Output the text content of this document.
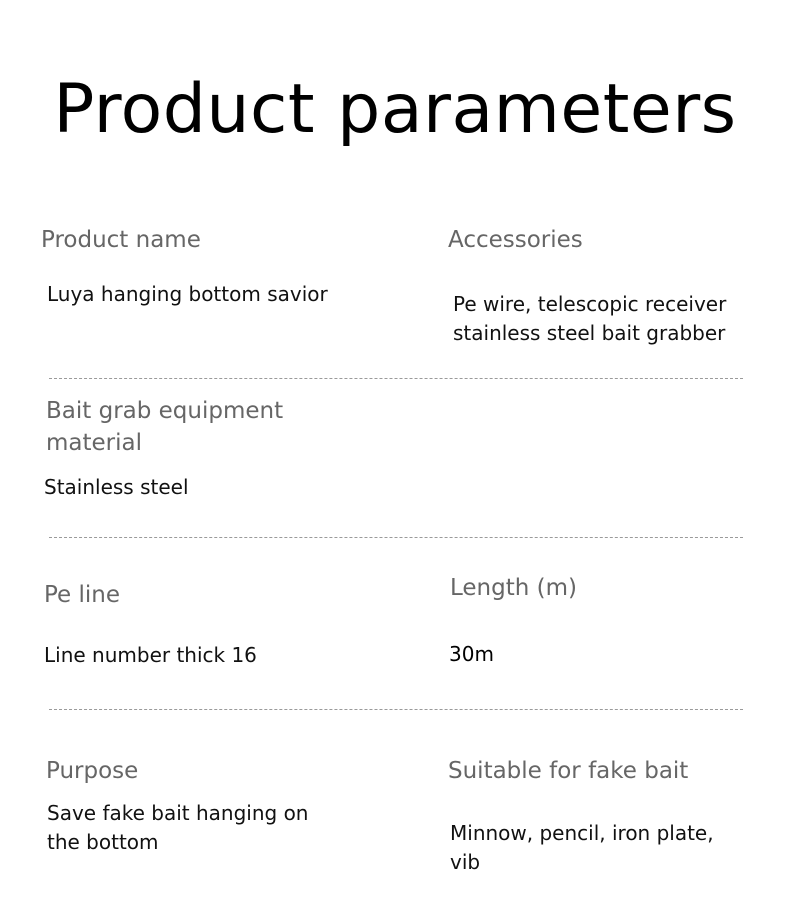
Product parameters
Product name
Luya hanging bottom savior
Accessories
Pe wire, telescopic receiver
stainless steel bait grabber
Bait grab equipment
material
Stainless steel
Pe line
Line number thick 16
Length (m)
30m
Purpose
Save fake bait hanging on
the bottom
Suitable for fake bait
Minnow, pencil, iron plate,
vib
